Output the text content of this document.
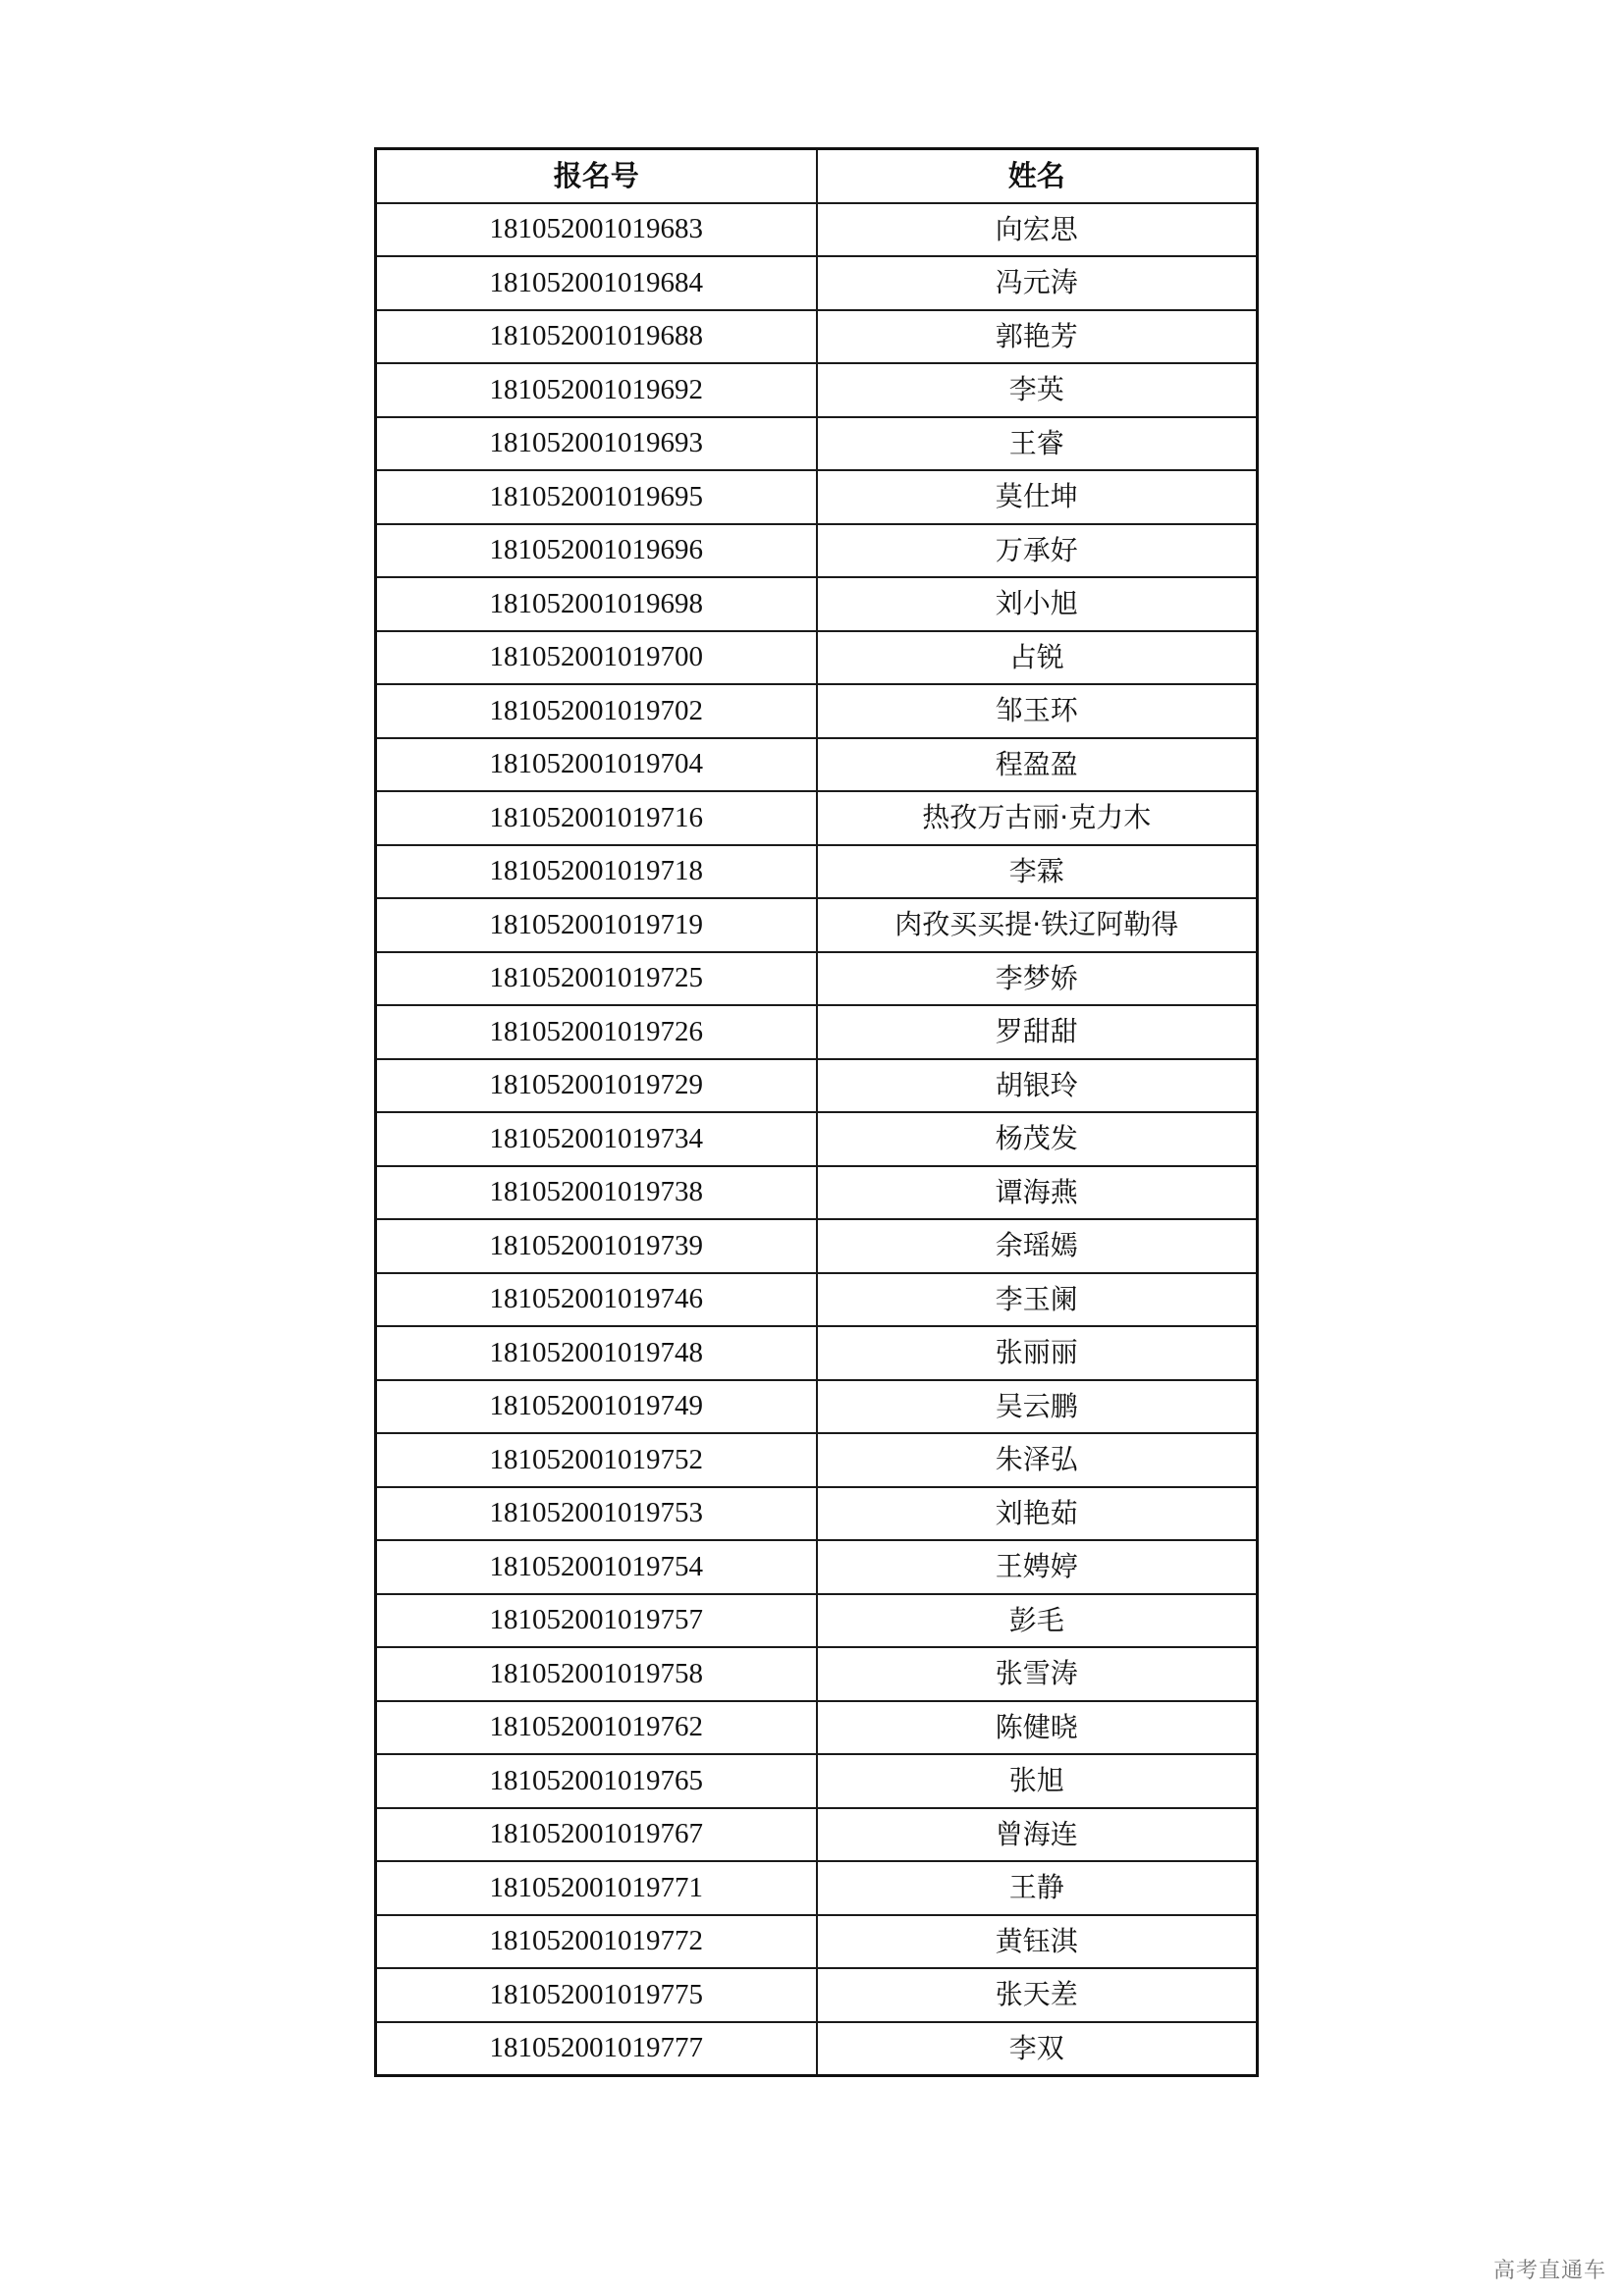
报名号	姓名
181052001019683	向宏思
181052001019684	冯元涛
181052001019688	郭艳芳
181052001019692	李英
181052001019693	王睿
181052001019695	莫仕坤
181052001019696	万承好
181052001019698	刘小旭
181052001019700	占锐
181052001019702	邹玉环
181052001019704	程盈盈
181052001019716	热孜万古丽·克力木
181052001019718	李霖
181052001019719	肉孜买买提·铁辽阿勒得
181052001019725	李梦娇
181052001019726	罗甜甜
181052001019729	胡银玲
181052001019734	杨茂发
181052001019738	谭海燕
181052001019739	余瑶嫣
181052001019746	李玉阑
181052001019748	张丽丽
181052001019749	吴云鹏
181052001019752	朱泽弘
181052001019753	刘艳茹
181052001019754	王娉婷
181052001019757	彭毛
181052001019758	张雪涛
181052001019762	陈健晓
181052001019765	张旭
181052001019767	曾海连
181052001019771	王静
181052001019772	黄钰淇
181052001019775	张天差
181052001019777	李双
高考直通车
